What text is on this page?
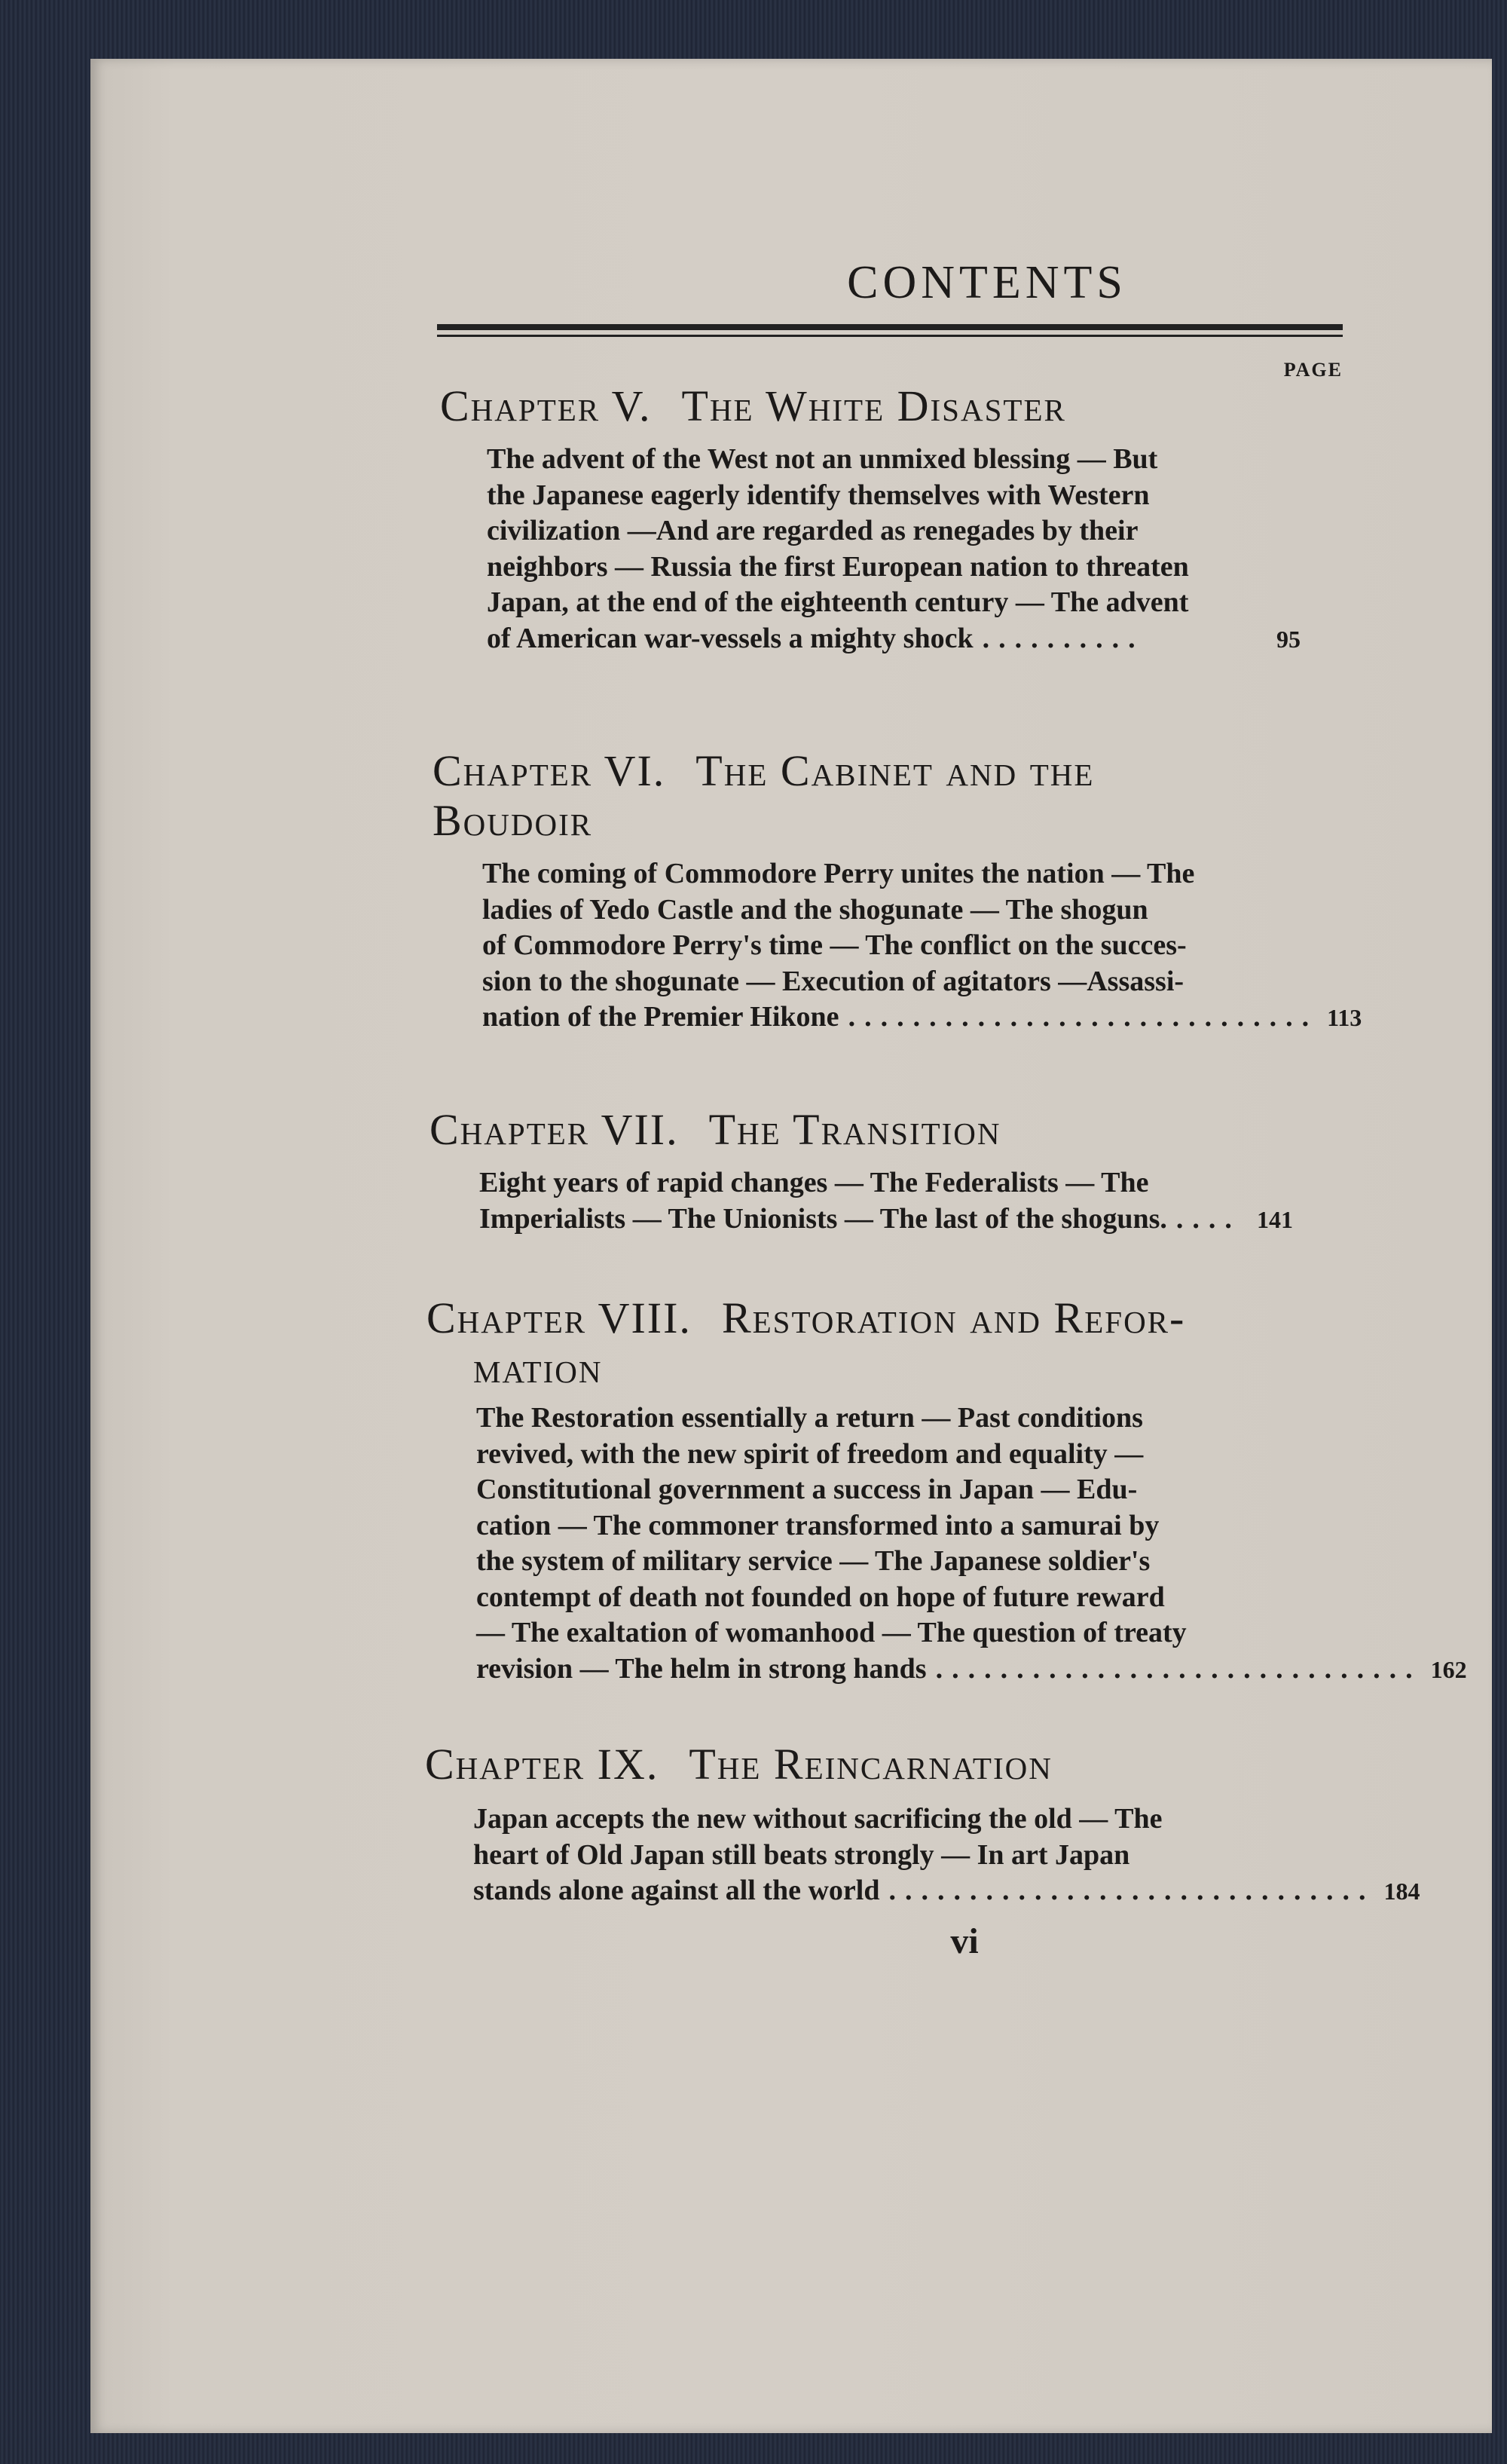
CONTENTS
PAGE
Chapter V. The White Disaster
The advent of the West not an unmixed blessing — But
the Japanese eagerly identify themselves with Western
civilization —And are regarded as renegades by their
neighbors — Russia the first European nation to threaten
Japan, at the end of the eighteenth century — The advent
of American war-vessels a mighty shock ..........	95
Chapter VI. The Cabinet and the
Boudoir
The coming of Commodore Perry unites the nation — The
ladies of Yedo Castle and the shogunate — The shogun
of Commodore Perry's time — The conflict on the succes-
sion to the shogunate — Execution of agitators —Assassi-
nation of the Premier Hikone ............................. 113
Chapter VII. The Transition
Eight years of rapid changes — The Federalists — The
Imperialists — The Unionists — The last of the shoguns. .... 141
Chapter VIII. Restoration and Refor-
mation
The Restoration essentially a return — Past conditions
revived, with the new spirit of freedom and equality —
Constitutional government a success in Japan — Edu-
cation — The commoner transformed into a samurai by
the system of military service — The Japanese soldier's
contempt of death not founded on hope of future reward
— The exaltation of womanhood — The question of treaty
revision — The helm in strong hands .............................. 162
Chapter IX. The Reincarnation
Japan accepts the new without sacrificing the old — The
heart of Old Japan still beats strongly — In art Japan
stands alone against all the world .............................. 184
vi
